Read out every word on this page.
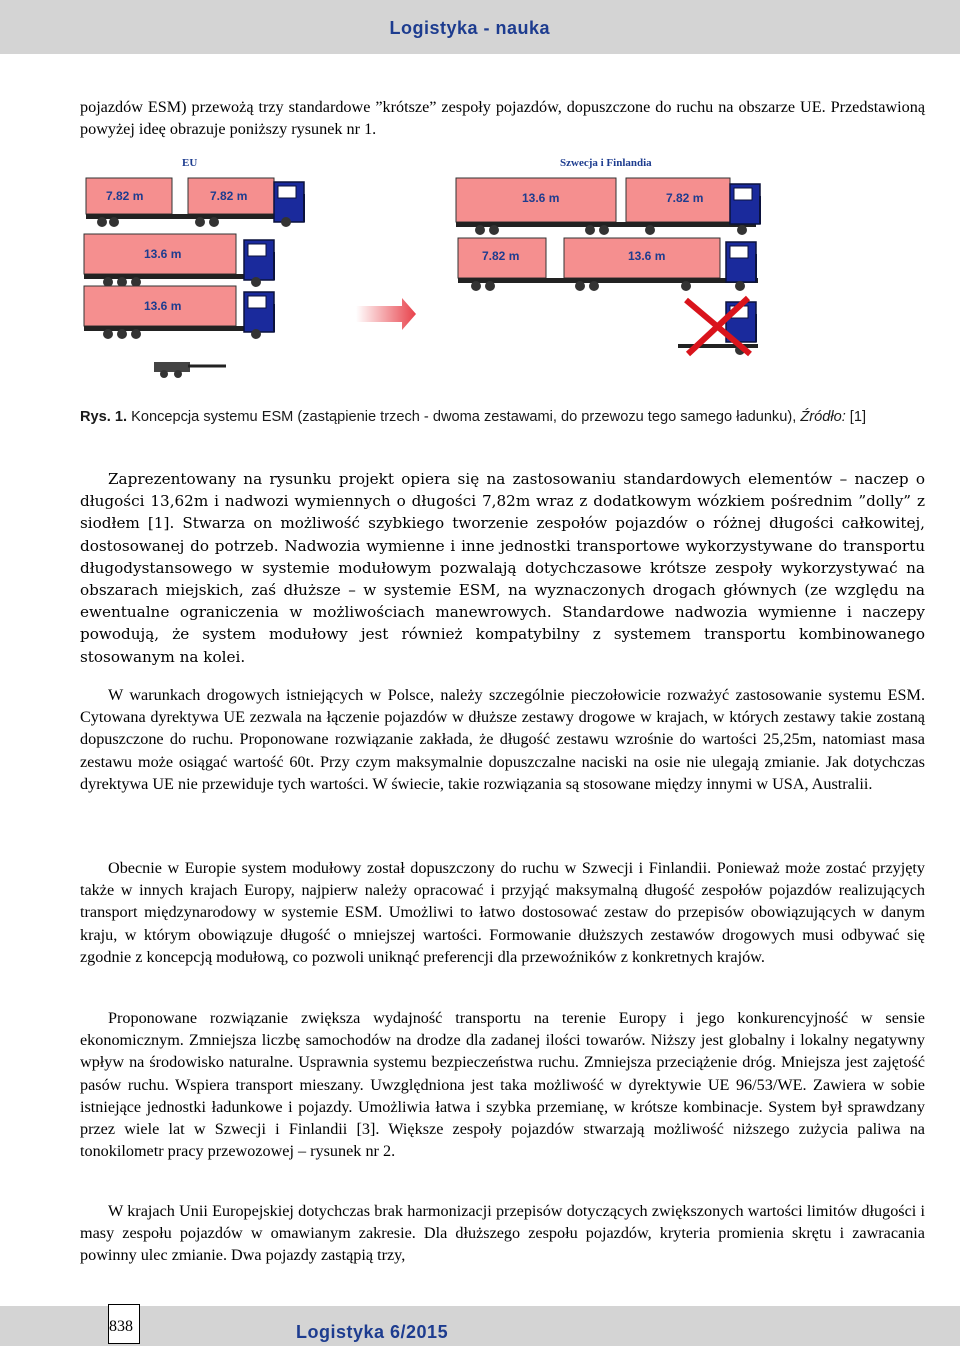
Logistyka - nauka

pojazdów ESM) przewożą trzy standardowe ”krótsze” zespoły pojazdów, dopuszczone do ruchu na obszarze UE. Przedstawioną powyżej ideę obrazuje poniższy rysunek nr 1.

EU	Szwecja i Finlandia
7.82 m	7.82 m
13.6 m
13.6 m
13.6 m	7.82 m
7.82 m	13.6 m
Rys. 1. Koncepcja systemu ESM (zastąpienie trzech - dwoma zestawami, do przewozu tego samego ładunku), Źródło: [1]

Zaprezentowany na rysunku projekt opiera się na zastosowaniu standardowych elementów – naczep o długości 13,62m i nadwozi wymiennych o długości 7,82m wraz z dodatkowym wózkiem pośrednim ”dolly” z siodłem [1]. Stwarza on możliwość szybkiego tworzenie zespołów pojazdów o różnej długości całkowitej, dostosowanej do potrzeb. Nadwozia wymienne i inne jednostki transportowe wykorzystywane do transportu długodystansowego w systemie modułowym pozwalają dotychczasowe krótsze zespoły wykorzystywać na obszarach miejskich, zaś dłuższe – w systemie ESM, na wyznaczonych drogach głównych (ze względu na ewentualne ograniczenia w możliwościach manewrowych. Standardowe nadwozia wymienne i naczepy powodują, że system modułowy jest również kompatybilny z systemem transportu kombinowanego stosowanym na kolei.

W warunkach drogowych istniejących w Polsce, należy szczególnie pieczołowicie rozważyć zastosowanie systemu ESM. Cytowana dyrektywa UE zezwala na łączenie pojazdów w dłuższe zestawy drogowe w krajach, w których zestawy takie zostaną dopuszczone do ruchu. Proponowane rozwiązanie zakłada, że długość zestawu wzrośnie do wartości 25,25m, natomiast masa zestawu może osiągać wartość 60t. Przy czym maksymalnie dopuszczalne naciski na osie nie ulegają zmianie. Jak dotychczas dyrektywa UE nie przewiduje tych wartości. W świecie, takie rozwiązania są stosowane między innymi w USA, Australii.

Obecnie w Europie system modułowy został dopuszczony do ruchu w Szwecji i Finlandii. Ponieważ może zostać przyjęty także w innych krajach Europy, najpierw należy opracować i przyjąć maksymalną długość zespołów pojazdów realizujących transport międzynarodowy w systemie ESM. Umożliwi to łatwo dostosować zestaw do przepisów obowiązujących w danym kraju, w którym obowiązuje długość o mniejszej wartości. Formowanie dłuższych zestawów drogowych musi odbywać się zgodnie z koncepcją modułową, co pozwoli uniknąć preferencji dla przewoźników z konkretnych krajów.

Proponowane rozwiązanie zwiększa wydajność transportu na terenie Europy i jego konkurencyjność w sensie ekonomicznym. Zmniejsza liczbę samochodów na drodze dla zadanej ilości towarów. Niższy jest globalny i lokalny negatywny wpływ na środowisko naturalne. Usprawnia systemu bezpieczeństwa ruchu. Zmniejsza przeciążenie dróg. Mniejsza jest zajętość pasów ruchu. Wspiera transport mieszany. Uwzględniona jest taka możliwość w dyrektywie UE 96/53/WE. Zawiera w sobie istniejące jednostki ładunkowe i pojazdy. Umożliwia łatwa i szybka przemianę, w krótsze kombinacje. System był sprawdzany przez wiele lat w Szwecji i Finlandii [3]. Większe zespoły pojazdów stwarzają możliwość niższego zużycia paliwa na tonokilometr pracy przewozowej – rysunek nr 2.

W krajach Unii Europejskiej dotychczas brak harmonizacji przepisów dotyczących zwiększonych wartości limitów długości i masy zespołu pojazdów w omawianym zakresie. Dla dłuższego zespołu pojazdów, kryteria promienia skrętu i zawracania powinny ulec zmianie. Dwa pojazdy zastąpią trzy,

838	Logistyka 6/2015
